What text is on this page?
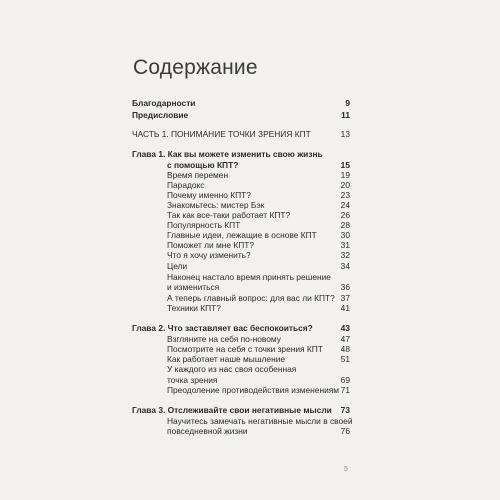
Содержание
Благодарности	9
Предисловие	11
ЧАСТЬ 1. ПОНИМАНИЕ ТОЧКИ ЗРЕНИЯ КПТ	13
Глава 1. Как вы можете изменить свою жизнь
с помощью КПТ?	15
Время перемен	19
Парадокс	20
Почему именно КПТ?	23
Знакомьтесь: мистер Бэк	24
Так как все-таки работает КПТ?	26
Популярность КПТ	28
Главные идеи, лежащие в основе КПТ	30
Поможет ли мне КПТ?	31
Что я хочу изменить?	32
Цели	34
Наконец настало время принять решение
и измениться	36
А теперь главный вопрос: для вас ли КПТ? 37
Техники КПТ?	41
Глава 2. Что заставляет вас беспокоиться?	43
Взгляните на себя по-новому	47
Посмотрите на себя с точки зрения КПТ 48
Как работает наше мышление	51
У каждого из нас своя особенная
точка зрения	69
Преодоление противодействия изменениям 71
Глава 3. Отслеживайте свои негативные мысли 73
Научитесь замечать негативные мысли в своей
повседневной жизни	76
5
